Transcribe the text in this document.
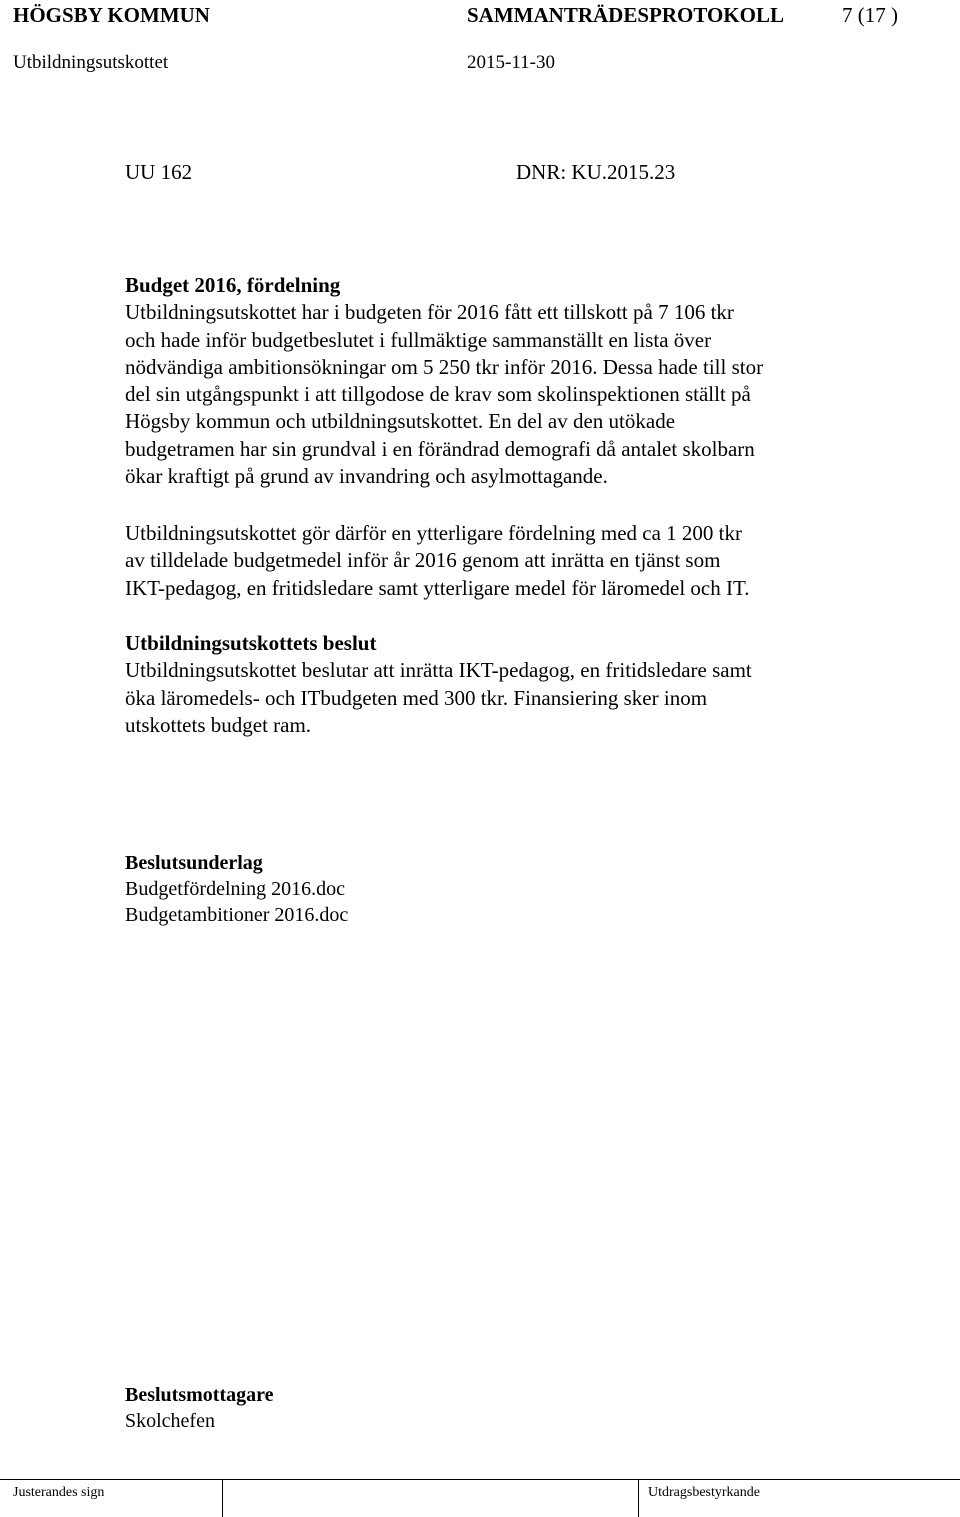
HÖGSBY KOMMUN	SAMMANTRÄDESPROTOKOLL	7 (17 )
Utbildningsutskottet	2015-11-30
UU 162	DNR: KU.2015.23

Budget 2016, fördelning

Utbildningsutskottet har i budgeten för 2016 fått ett tillskott på 7 106 tkr

och hade inför budgetbeslutet i fullmäktige sammanställt en lista över

nödvändiga ambitionsökningar om 5 250 tkr inför 2016. Dessa hade till stor

del sin utgångspunkt i att tillgodose de krav som skolinspektionen ställt på

Högsby kommun och utbildningsutskottet. En del av den utökade

budgetramen har sin grundval i en förändrad demografi då antalet skolbarn

ökar kraftigt på grund av invandring och asylmottagande.

Utbildningsutskottet gör därför en ytterligare fördelning med ca 1 200 tkr

av tilldelade budgetmedel inför år 2016 genom att inrätta en tjänst som

IKT-pedagog, en fritidsledare samt ytterligare medel för läromedel och IT.

Utbildningsutskottets beslut

Utbildningsutskottet beslutar att inrätta IKT-pedagog, en fritidsledare samt

öka läromedels- och ITbudgeten med 300 tkr. Finansiering sker inom

utskottets budget ram.

Beslutsunderlag

Budgetfördelning 2016.doc

Budgetambitioner 2016.doc

Beslutsmottagare

Skolchefen

Justerandes sign	Utdragsbestyrkande
